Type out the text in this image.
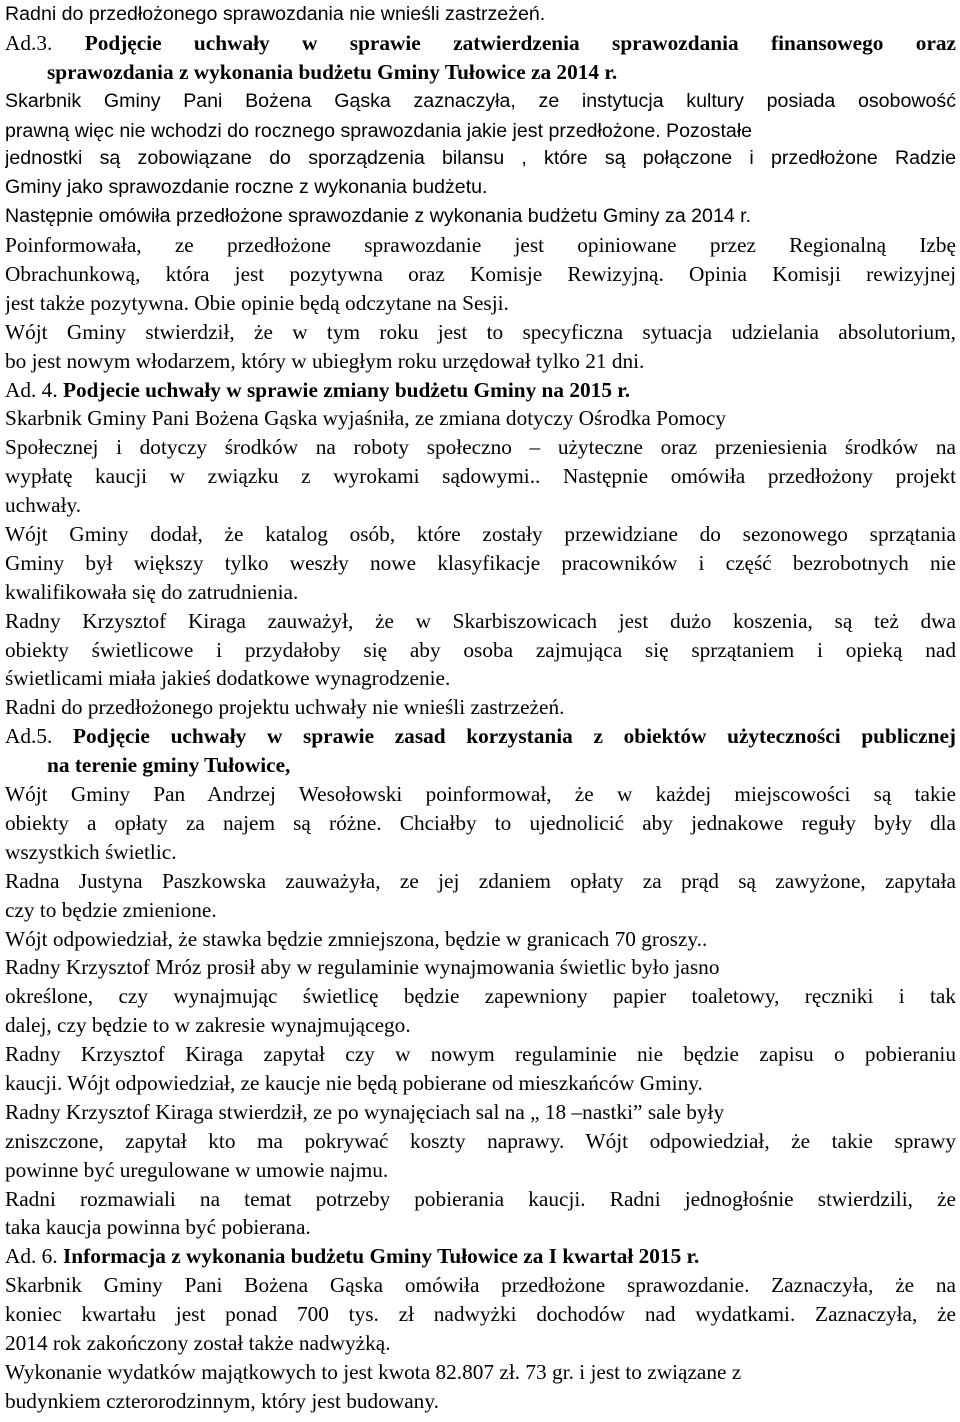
Radni do przedłożonego sprawozdania nie wnieśli zastrzeżeń.
Ad.3. Podjęcie uchwały w sprawie zatwierdzenia sprawozdania finansowego oraz
sprawozdania z wykonania budżetu Gminy Tułowice za 2014 r.
Skarbnik Gminy Pani Bożena Gąska zaznaczyła, ze instytucja kultury posiada osobowość
prawną więc nie wchodzi do rocznego sprawozdania jakie jest przedłożone. Pozostałe
jednostki są zobowiązane do sporządzenia bilansu , które są połączone i przedłożone Radzie
Gminy jako sprawozdanie roczne z wykonania budżetu.
Następnie omówiła przedłożone sprawozdanie z wykonania budżetu Gminy za 2014 r.
Poinformowała, ze przedłożone sprawozdanie jest opiniowane przez Regionalną Izbę
Obrachunkową, która jest pozytywna oraz Komisje Rewizyjną. Opinia Komisji rewizyjnej
jest także pozytywna. Obie opinie będą odczytane na Sesji.
Wójt Gminy stwierdził, że w tym roku jest to specyficzna sytuacja udzielania absolutorium,
bo jest nowym włodarzem, który w ubiegłym roku urzędował tylko 21 dni.
Ad. 4. Podjecie uchwały w sprawie zmiany budżetu Gminy na 2015 r.
Skarbnik Gminy Pani Bożena Gąska wyjaśniła, ze zmiana dotyczy Ośrodka Pomocy
Społecznej i dotyczy środków na roboty społeczno – użyteczne oraz przeniesienia środków na
wypłatę kaucji w związku z wyrokami sądowymi.. Następnie omówiła przedłożony projekt
uchwały.
Wójt Gminy dodał, że katalog osób, które zostały przewidziane do sezonowego sprzątania
Gminy był większy tylko weszły nowe klasyfikacje pracowników i część bezrobotnych nie
kwalifikowała się do zatrudnienia.
Radny Krzysztof Kiraga zauważył, że w Skarbiszowicach jest dużo koszenia, są też dwa
obiekty świetlicowe i przydałoby się aby osoba zajmująca się sprzątaniem i opieką nad
świetlicami miała jakieś dodatkowe wynagrodzenie.
Radni do przedłożonego projektu uchwały nie wnieśli zastrzeżeń.
Ad.5. Podjęcie uchwały w sprawie zasad korzystania z obiektów użyteczności publicznej
na terenie gminy Tułowice,
Wójt Gminy Pan Andrzej Wesołowski poinformował, że w każdej miejscowości są takie
obiekty a opłaty za najem są różne. Chciałby to ujednolicić aby jednakowe reguły były dla
wszystkich świetlic.
Radna Justyna Paszkowska zauważyła, ze jej zdaniem opłaty za prąd są zawyżone, zapytała
czy to będzie zmienione.
Wójt odpowiedział, że stawka będzie zmniejszona, będzie w granicach 70 groszy..
Radny Krzysztof Mróz prosił aby w regulaminie wynajmowania świetlic było jasno
określone, czy wynajmując świetlicę będzie zapewniony papier toaletowy, ręczniki i tak
dalej, czy będzie to w zakresie wynajmującego.
Radny Krzysztof Kiraga zapytał czy w nowym regulaminie nie będzie zapisu o pobieraniu
kaucji. Wójt odpowiedział, ze kaucje nie będą pobierane od mieszkańców Gminy.
Radny Krzysztof Kiraga stwierdził, ze po wynajęciach sal na „ 18 –nastki” sale były
zniszczone, zapytał kto ma pokrywać koszty naprawy. Wójt odpowiedział, że takie sprawy
powinne być uregulowane w umowie najmu.
Radni rozmawiali na temat potrzeby pobierania kaucji. Radni jednogłośnie stwierdzili, że
taka kaucja powinna być pobierana.
Ad. 6. Informacja z wykonania budżetu Gminy Tułowice za I kwartał 2015 r.
Skarbnik Gminy Pani Bożena Gąska omówiła przedłożone sprawozdanie. Zaznaczyła, że na
koniec kwartału jest ponad 700 tys. zł nadwyżki dochodów nad wydatkami. Zaznaczyła, że
2014 rok zakończony został także nadwyżką.
Wykonanie wydatków majątkowych to jest kwota 82.807 zł. 73 gr. i jest to związane z
budynkiem czterorodzinnym, który jest budowany.
